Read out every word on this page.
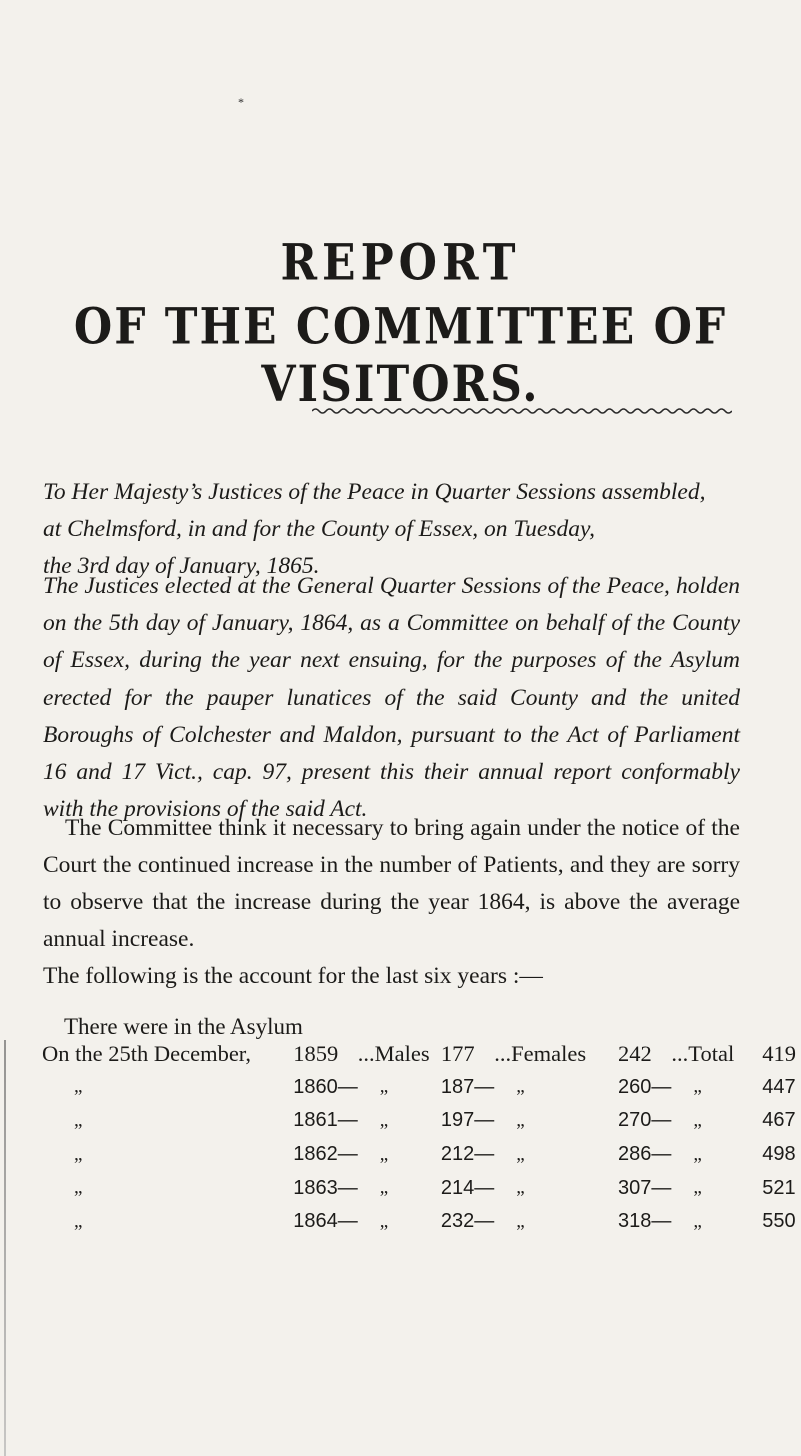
*
REPORT
OF THE COMMITTEE OF VISITORS.

To Her Majesty’s Justices of the Peace in Quarter Sessions assembled,
at Chelmsford, in and for the County of Essex, on Tuesday,
the 3rd day of January, 1865.

The Justices elected at the General Quarter Sessions of the Peace, holden on the 5th day of January, 1864, as a Committee on behalf of the County of Essex, during the year next ensuing, for the purposes of the Asylum erected for the pauper lunatices of the said County and the united Boroughs of Colchester and Maldon, pursuant to the Act of Parliament 16 and 17 Vict., cap. 97, present this their annual report conformably with the provisions of the said Act.

The Committee think it necessary to bring again under the notice of the Court the continued increase in the number of Patients, and they are sorry to observe that the increase during the year 1864, is above the average annual increase.
The following is the account for the last six years :—

There were in the Asylum

On the 25th December,	1859	...Males	177	...Females	242	...Total	419
„	1860—	„	187—	„	260—	„	447
„	1861—	„	197—	„	270—	„	467
„	1862—	„	212—	„	286—	„	498
„	1863—	„	214—	„	307—	„	521
„	1864—	„	232—	„	318—	„	550
